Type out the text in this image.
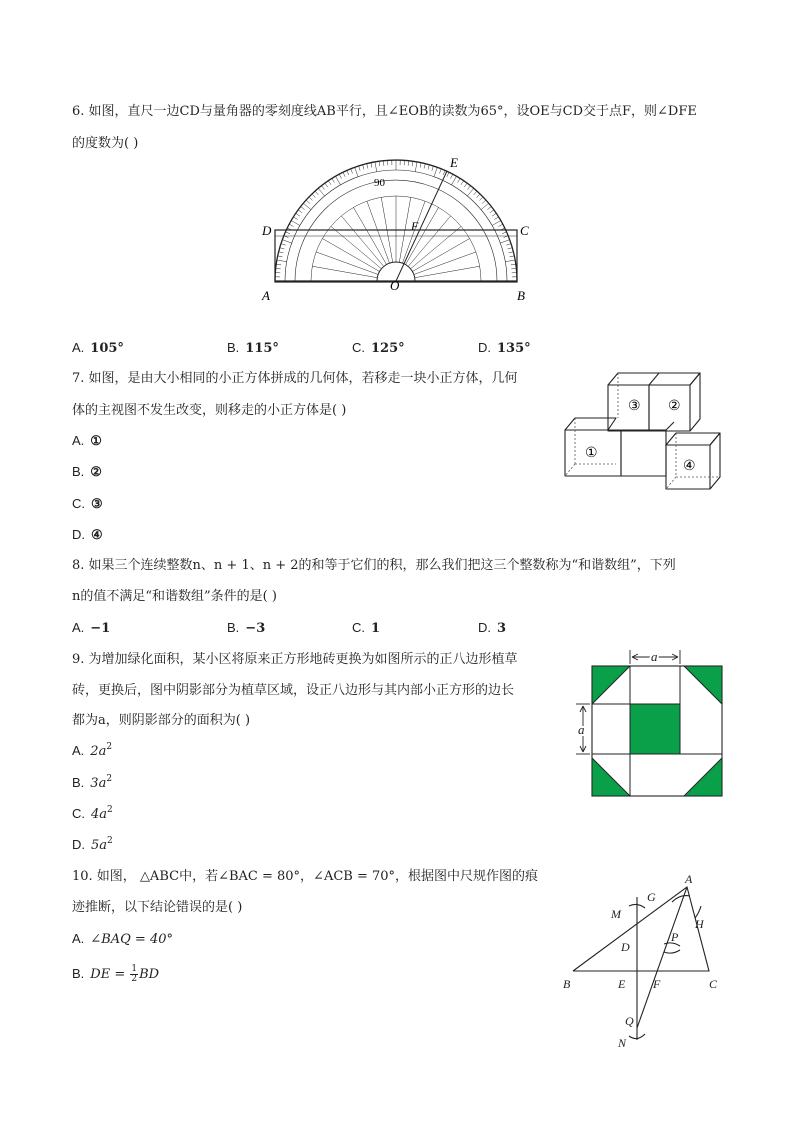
6. 如图，直尺一边CD与量角器的零刻度线AB平行，且∠EOB的读数为65°，设OE与CD交于点F，则∠DFE
的度数为( )
90
E
D	C
F
A
O
B
A. 105°	B. 115°	C. 125°	D. 135°
7. 如图，是由大小相同的小正方体拼成的几何体，若移走一块小正方体，几何
体的主视图不发生改变，则移走的小正方体是( )
A. ①
B. ②
C. ③
D. ④
③ ②
①
④
8. 如果三个连续整数n、n + 1、n + 2的和等于它们的积，那么我们把这三个整数称为“和谐数组”，下列
n的值不满足“和谐数组”条件的是( )
A. −1	B. −3	C. 1	D. 3
9. 为增加绿化面积，某小区将原来正方形地砖更换为如图所示的正八边形植草
砖，更换后，图中阴影部分为植草区域，设正八边形与其内部小正方形的边长
都为a，则阴影部分的面积为( )
A. $2a^2$
B. $3a^2$
C. $4a^2$
D. $5a^2$
a
a
10. 如图， △ABC中，若∠BAC = 80°，∠ACB = 70°，根据图中尺规作图的痕
迹推断，以下结论错误的是( )
A. ∠BAQ = 40°
B. DE = $\frac{1}{2}$ BD
A
G
M
H
P
D
B	E F	C
Q
N
